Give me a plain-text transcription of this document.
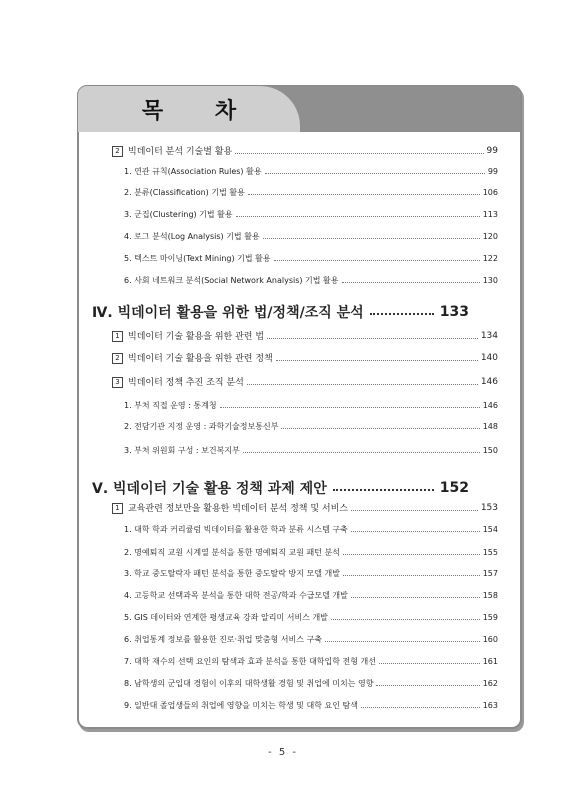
목 차
2 빅데이터 분석 기술별 활용	99
1. 연관 규칙(Association Rules) 활용	99
2. 분류(Classification) 기법 활용	106
3. 군집(Clustering) 기법 활용	113
4. 로그 분석(Log Analysis) 기법 활용	120
5. 텍스트 마이닝(Text Mining) 기법 활용	122
6. 사회 네트워크 분석(Social Network Analysis) 기법 활용	130
Ⅳ. 빅데이터 활용을 위한 법/정책/조직 분석	133
1 빅데이터 기술 활용을 위한 관련 법	134
2 빅데이터 기술 활용을 위한 관련 정책	140
3 빅데이터 정책 추진 조직 분석	146
1. 부처 직접 운영 : 통계청	146
2. 전담기관 지정 운영 : 과학기술정보통신부	148
3. 부처 위원회 구성 : 보건복지부	150
Ⅴ. 빅데이터 기술 활용 정책 과제 제안	152
1 교육관련 정보만을 활용한 빅데이터 분석 정책 및 서비스	153
1. 대학 학과 커리큘럼 빅데이터를 활용한 학과 분류 시스템 구축	154
2. 명예퇴직 교원 시계열 분석을 통한 명예퇴직 교원 패턴 분석	155
3. 학교 중도탈락자 패턴 분석을 통한 중도탈락 방지 모델 개발	157
4. 고등학교 선택과목 분석을 통한 대학 전공/학과 수급모델 개발	158
5. GIS 데이터와 연계한 평생교육 강좌 알리미 서비스 개발	159
6. 취업통계 정보를 활용한 진로·취업 맞춤형 서비스 구축	160
7. 대학 재수의 선택 요인의 탐색과 효과 분석을 통한 대학입학 전형 개선	161
8. 남학생의 군입대 경험이 이후의 대학생활 경험 및 취업에 미치는 영향	162
9. 일반대 졸업생들의 취업에 영향을 미치는 학생 및 대학 요인 탐색	163
- 5 -
